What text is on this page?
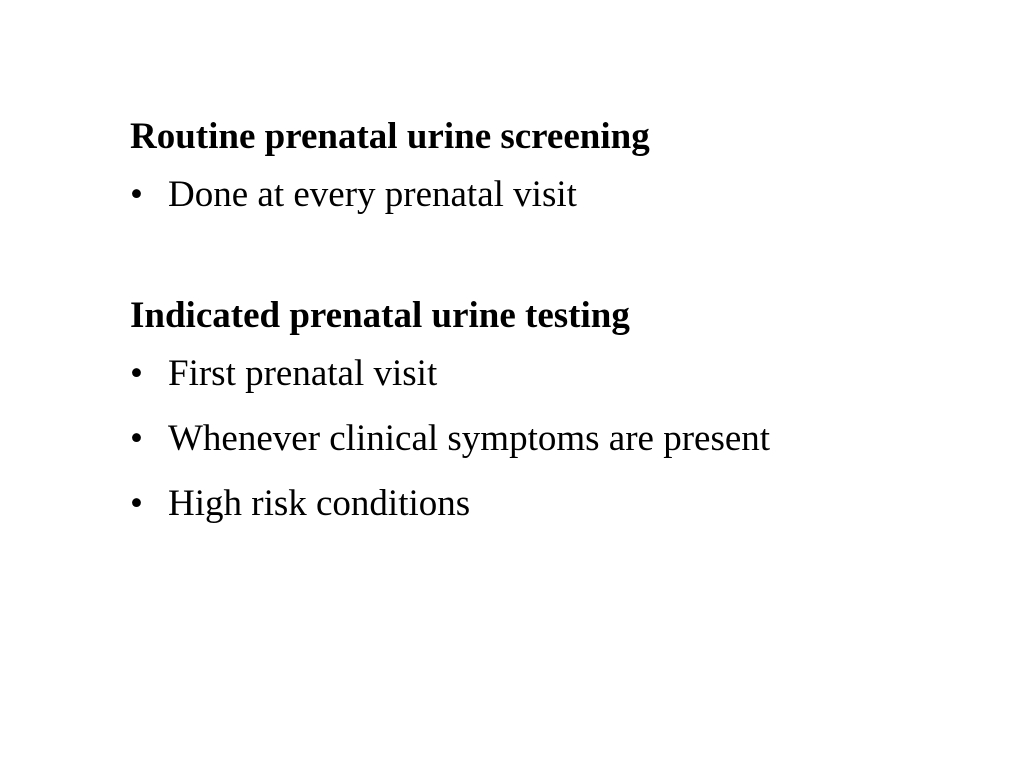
Routine prenatal urine screening
• Done at every prenatal visit
Indicated prenatal urine testing
• First prenatal visit
• Whenever clinical symptoms are present
• High risk conditions
